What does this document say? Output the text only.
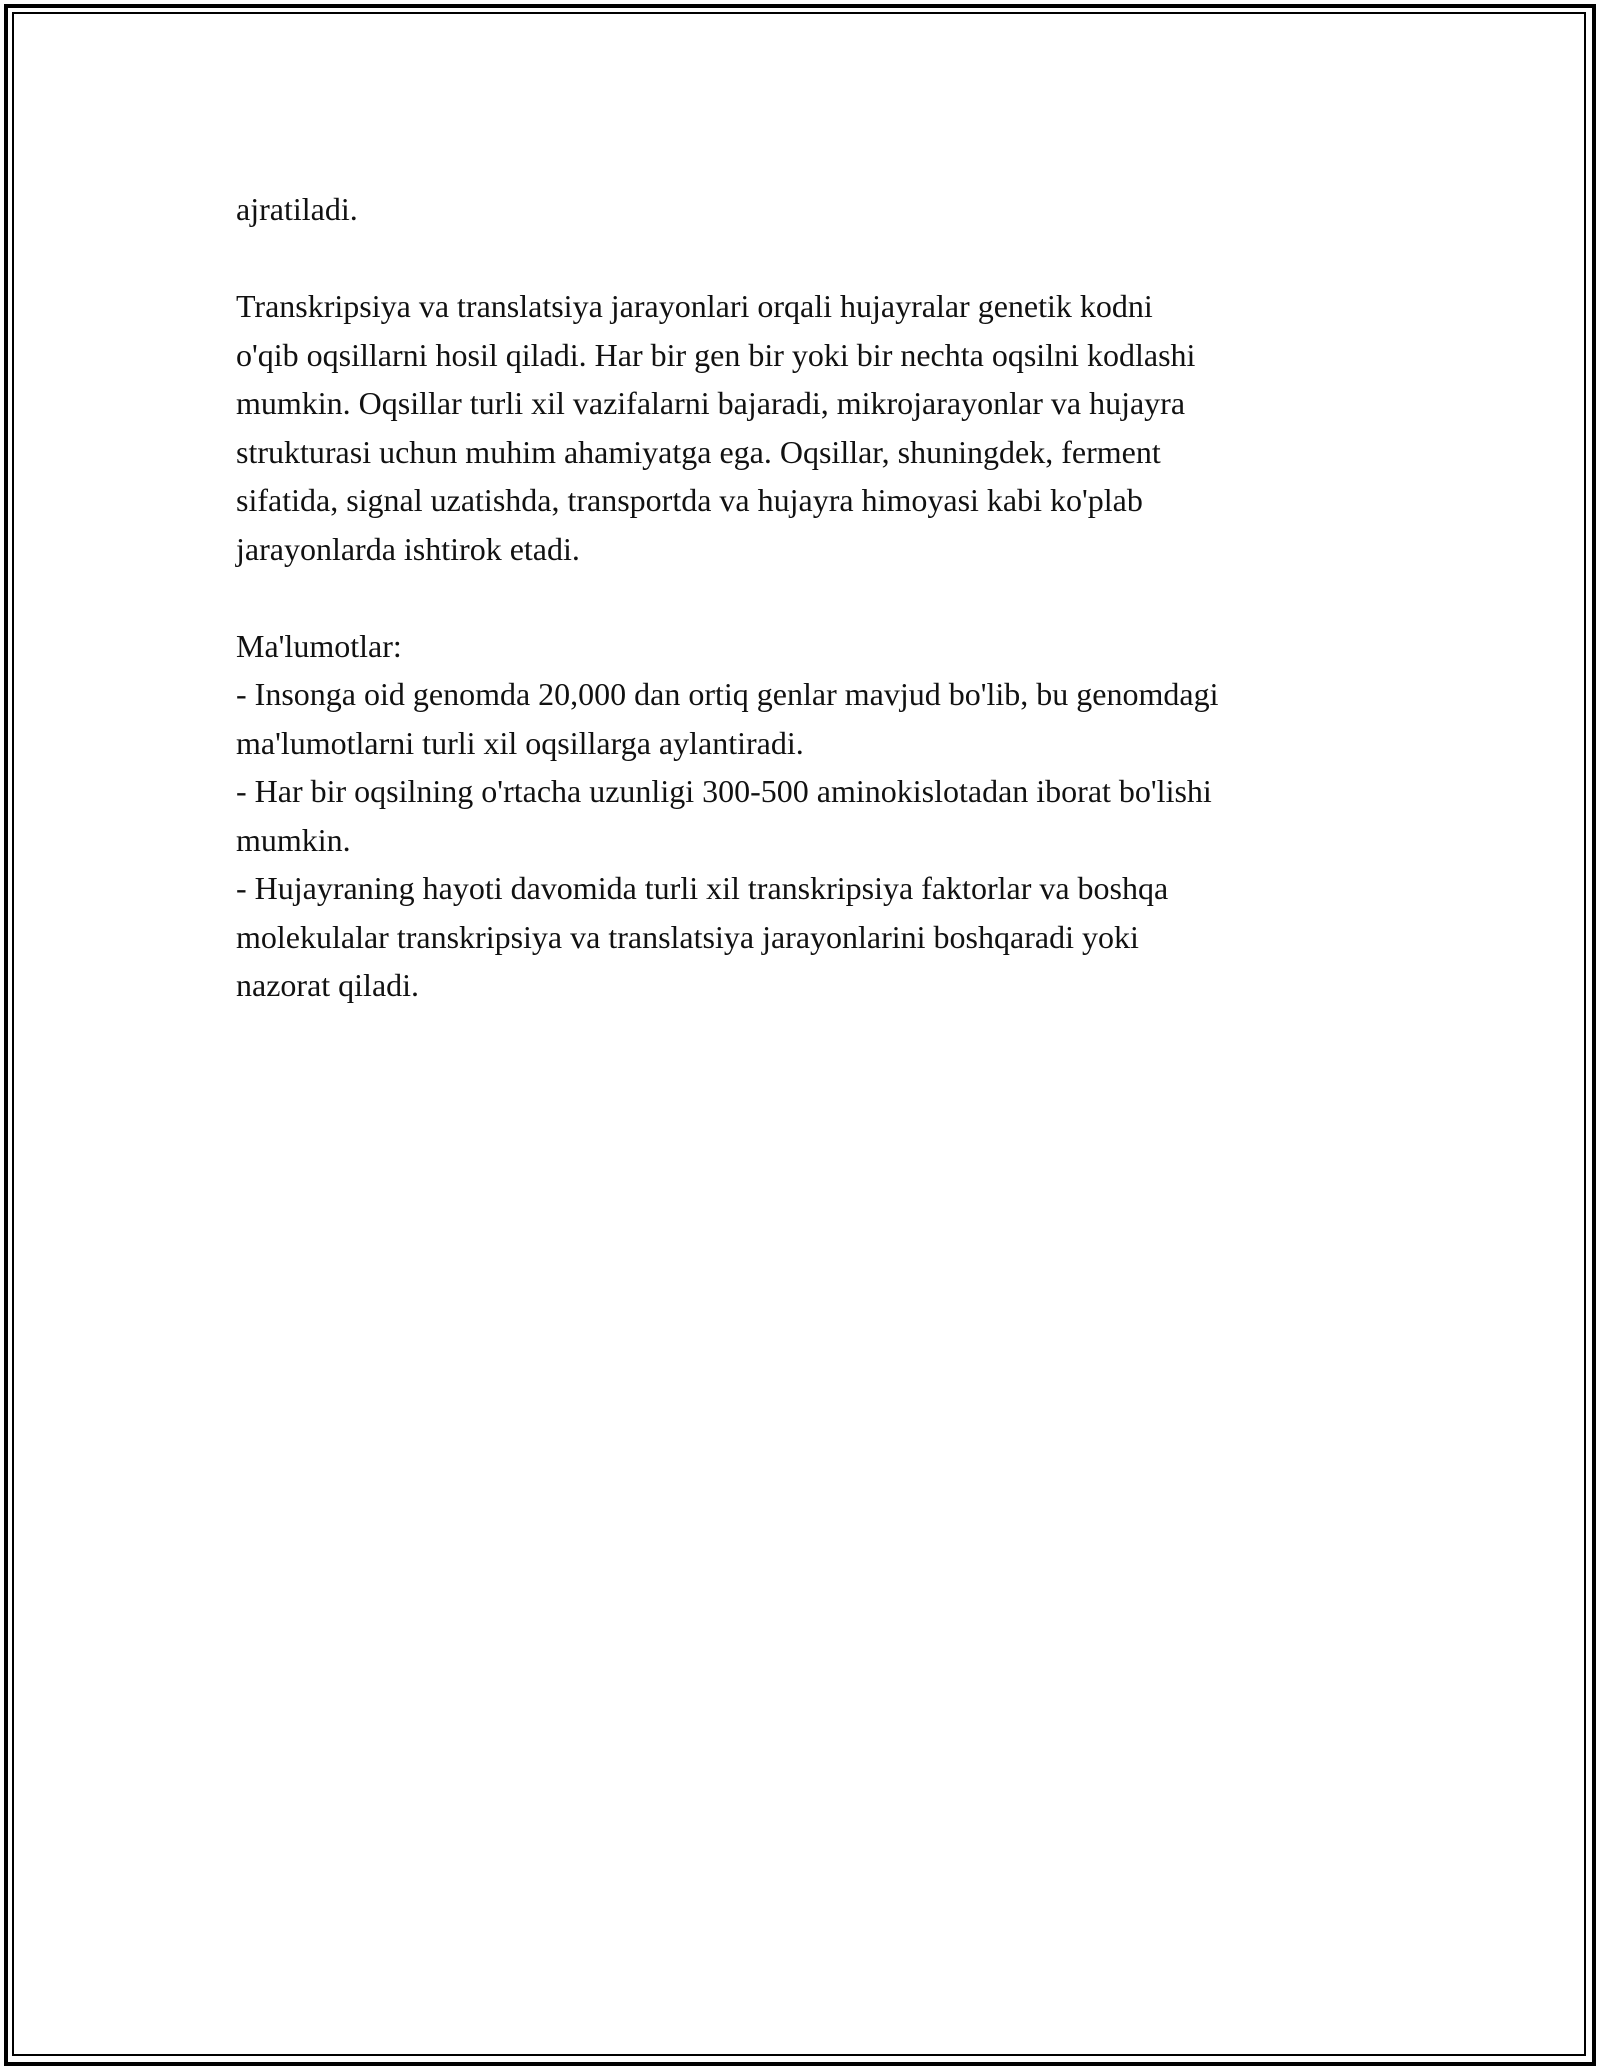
ajratiladi.

Transkripsiya va translatsiya jarayonlari orqali hujayralar genetik kodni
o'qib oqsillarni hosil qiladi. Har bir gen bir yoki bir nechta oqsilni kodlashi
mumkin. Oqsillar turli xil vazifalarni bajaradi, mikrojarayonlar va hujayra
strukturasi uchun muhim ahamiyatga ega. Oqsillar, shuningdek, ferment
sifatida, signal uzatishda, transportda va hujayra himoyasi kabi ko'plab
jarayonlarda ishtirok etadi.

Ma'lumotlar:

- Insonga oid genomda 20,000 dan ortiq genlar mavjud bo'lib, bu genomdagi
ma'lumotlarni turli xil oqsillarga aylantiradi.

- Har bir oqsilning o'rtacha uzunligi 300-500 aminokislotadan iborat bo'lishi
mumkin.

- Hujayraning hayoti davomida turli xil transkripsiya faktorlar va boshqa
molekulalar transkripsiya va translatsiya jarayonlarini boshqaradi yoki
nazorat qiladi.
